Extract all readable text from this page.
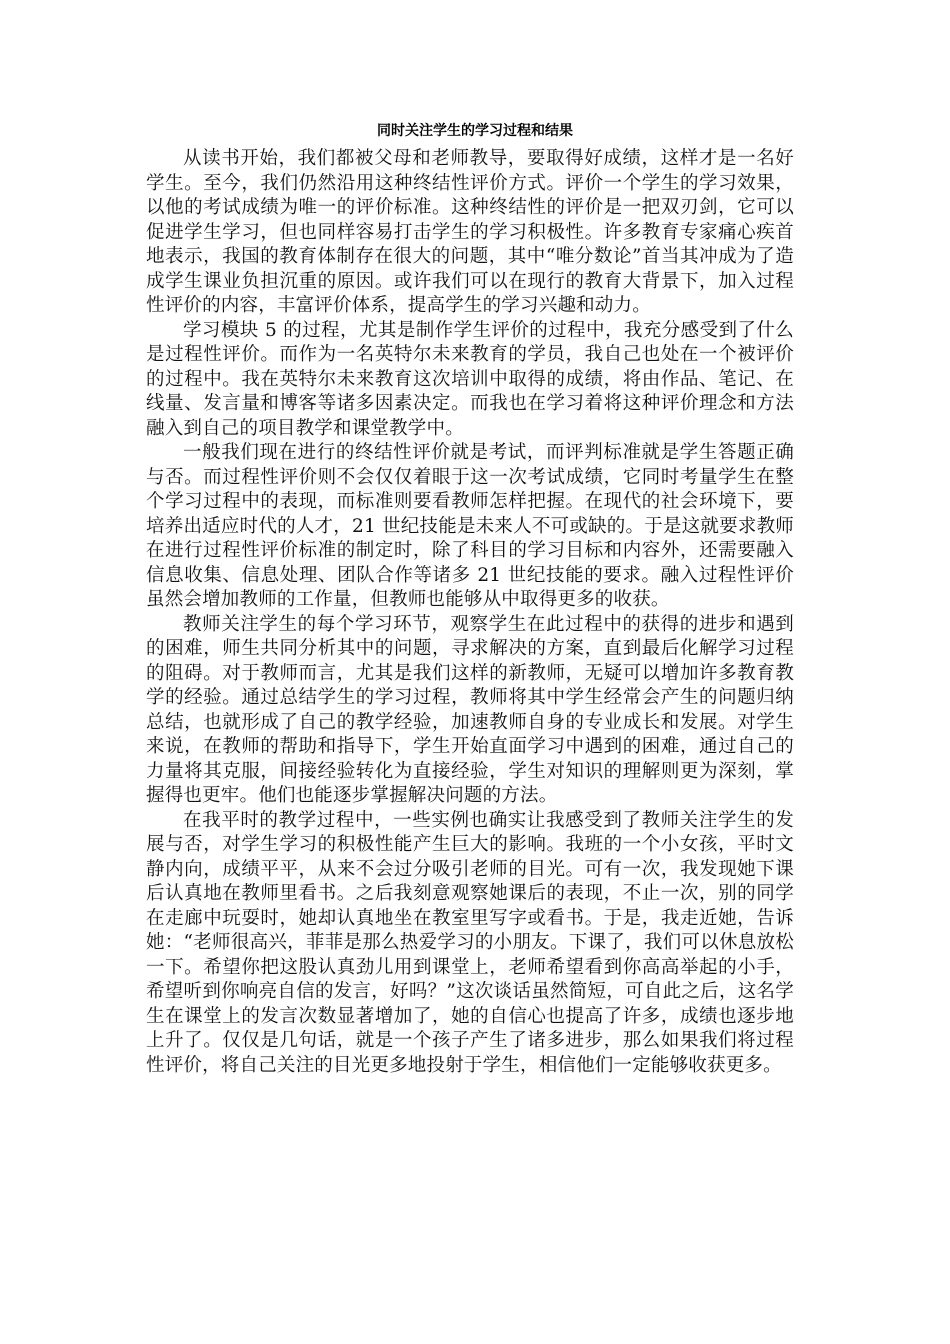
同时关注学生的学习过程和结果

从读书开始，我们都被父母和老师教导，要取得好成绩，这样才是一名好学生。至今，我们仍然沿用这种终结性评价方式。评价一个学生的学习效果，以他的考试成绩为唯一的评价标准。这种终结性的评价是一把双刃剑，它可以促进学生学习，但也同样容易打击学生的学习积极性。许多教育专家痛心疾首地表示，我国的教育体制存在很大的问题，其中“唯分数论”首当其冲成为了造成学生课业负担沉重的原因。或许我们可以在现行的教育大背景下，加入过程性评价的内容，丰富评价体系，提高学生的学习兴趣和动力。

学习模块 5 的过程，尤其是制作学生评价的过程中，我充分感受到了什么是过程性评价。而作为一名英特尔未来教育的学员，我自己也处在一个被评价的过程中。我在英特尔未来教育这次培训中取得的成绩，将由作品、笔记、在线量、发言量和博客等诸多因素决定。而我也在学习着将这种评价理念和方法融入到自己的项目教学和课堂教学中。

一般我们现在进行的终结性评价就是考试，而评判标准就是学生答题正确与否。而过程性评价则不会仅仅着眼于这一次考试成绩，它同时考量学生在整个学习过程中的表现，而标准则要看教师怎样把握。在现代的社会环境下，要培养出适应时代的人才，21 世纪技能是未来人不可或缺的。于是这就要求教师在进行过程性评价标准的制定时，除了科目的学习目标和内容外，还需要融入信息收集、信息处理、团队合作等诸多 21 世纪技能的要求。融入过程性评价虽然会增加教师的工作量，但教师也能够从中取得更多的收获。

教师关注学生的每个学习环节，观察学生在此过程中的获得的进步和遇到的困难，师生共同分析其中的问题，寻求解决的方案，直到最后化解学习过程的阻碍。对于教师而言，尤其是我们这样的新教师，无疑可以增加许多教育教学的经验。通过总结学生的学习过程，教师将其中学生经常会产生的问题归纳总结，也就形成了自己的教学经验，加速教师自身的专业成长和发展。对学生来说，在教师的帮助和指导下，学生开始直面学习中遇到的困难，通过自己的力量将其克服，间接经验转化为直接经验，学生对知识的理解则更为深刻，掌握得也更牢。他们也能逐步掌握解决问题的方法。

在我平时的教学过程中，一些实例也确实让我感受到了教师关注学生的发展与否，对学生学习的积极性能产生巨大的影响。我班的一个小女孩，平时文静内向，成绩平平，从来不会过分吸引老师的目光。可有一次，我发现她下课后认真地在教师里看书。之后我刻意观察她课后的表现，不止一次，别的同学在走廊中玩耍时，她却认真地坐在教室里写字或看书。于是，我走近她，告诉她：“老师很高兴，菲菲是那么热爱学习的小朋友。下课了，我们可以休息放松一下。希望你把这股认真劲儿用到课堂上，老师希望看到你高高举起的小手，希望听到你响亮自信的发言，好吗？”这次谈话虽然简短，可自此之后，这名学生在课堂上的发言次数显著增加了，她的自信心也提高了许多，成绩也逐步地上升了。仅仅是几句话，就是一个孩子产生了诸多进步，那么如果我们将过程性评价，将自己关注的目光更多地投射于学生，相信他们一定能够收获更多。
